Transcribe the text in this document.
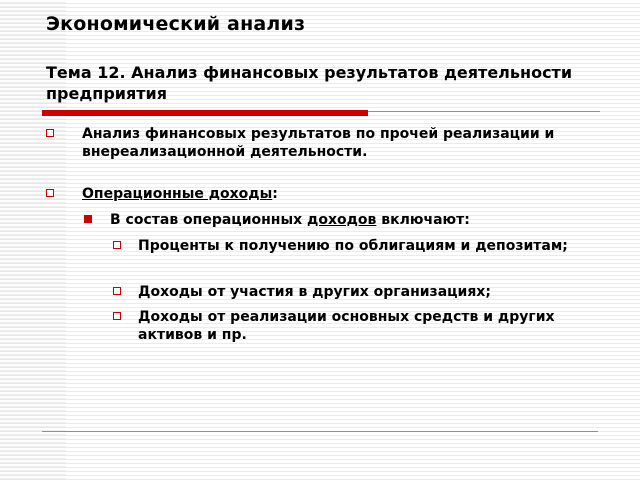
Экономический анализ
Тема 12. Анализ финансовых результатов деятельности предприятия
Анализ финансовых результатов по прочей реализации и внереализационной деятельности.
Операционные доходы:
В состав операционных доходов включают:
Проценты к получению по облигациям и депозитам;
Доходы от участия в других организациях;
Доходы от реализации основных средств и других активов и пр.
